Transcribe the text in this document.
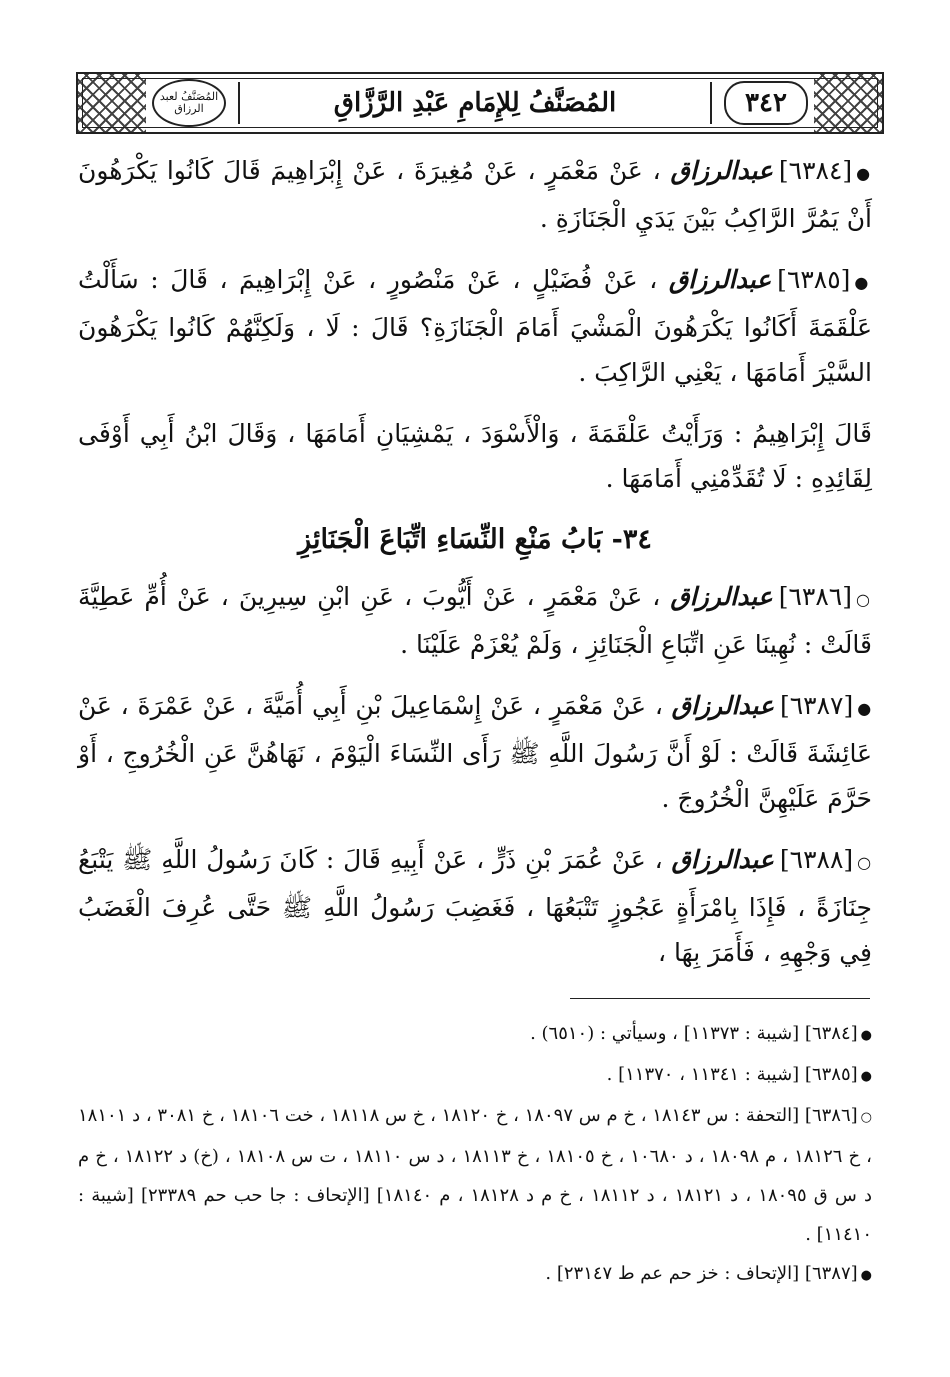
المُصَنَّفُ لعبد الرزاق	المُصَنَّفُ لِلإِمَامِ عَبْدِ الرَّزَّاقِ	٣٤٢

●[٦٣٨٤]عبدالرزاق ، عَنْ مَعْمَرٍ ، عَنْ مُغِيرَةَ ، عَنْ إِبْرَاهِيمَ قَالَ كَانُوا يَكْرَهُونَ أَنْ يَمُرَّ الرَّاكِبُ بَيْنَ يَدَيِ الْجَنَازَةِ .

●[٦٣٨٥]عبدالرزاق ، عَنْ فُضَيْلٍ ، عَنْ مَنْصُورٍ ، عَنْ إِبْرَاهِيمَ ، قَالَ : سَأَلْتُ عَلْقَمَةَ أَكَانُوا يَكْرَهُونَ الْمَشْيَ أَمَامَ الْجَنَازَةِ؟ قَالَ : لَا ، وَلَكِنَّهُمْ كَانُوا يَكْرَهُونَ السَّيْرَ أَمَامَهَا ، يَعْنِي الرَّاكِبَ .

قَالَ إِبْرَاهِيمُ : وَرَأَيْتُ عَلْقَمَةَ ، وَالْأَسْوَدَ ، يَمْشِيَانِ أَمَامَهَا ، وَقَالَ ابْنُ أَبِي أَوْفَى لِقَائِدِهِ : لَا تُقَدِّمْنِي أَمَامَهَا .

٣٤- بَابُ مَنْعِ النِّسَاءِ اتِّبَاعَ الْجَنَائِزِ

○[٦٣٨٦]عبدالرزاق ، عَنْ مَعْمَرٍ ، عَنْ أَيُّوبَ ، عَنِ ابْنِ سِيرِينَ ، عَنْ أُمِّ عَطِيَّةَ قَالَتْ : نُهِينَا عَنِ اتِّبَاعِ الْجَنَائِزِ ، وَلَمْ يُعْزَمْ عَلَيْنَا .

●[٦٣٨٧]عبدالرزاق ، عَنْ مَعْمَرٍ ، عَنْ إِسْمَاعِيلَ بْنِ أَبِي أُمَيَّةَ ، عَنْ عَمْرَةَ ، عَنْ عَائِشَةَ قَالَتْ : لَوْ أَنَّ رَسُولَ اللَّهِ ﷺ رَأَى النِّسَاءَ الْيَوْمَ ، نَهَاهُنَّ عَنِ الْخُرُوجِ ، أَوْ حَرَّمَ عَلَيْهِنَّ الْخُرُوجَ .

○[٦٣٨٨]عبدالرزاق ، عَنْ عُمَرَ بْنِ ذَرٍّ ، عَنْ أَبِيهِ قَالَ : كَانَ رَسُولُ اللَّهِ ﷺ يَتْبَعُ جِنَازَةً ، فَإِذَا بِامْرَأَةٍ عَجُوزٍ تَتْبَعُهَا ، فَغَضِبَ رَسُولُ اللَّهِ ﷺ حَتَّى عُرِفَ الْغَضَبُ فِي وَجْهِهِ ، فَأَمَرَ بِهَا ،

●[٦٣٨٤] [شيبة : ١١٣٧٣] ، وسيأتي : (٦٥١٠) .

●[٦٣٨٥] [شيبة : ١١٣٤١ ، ١١٣٧٠] .

○[٦٣٨٦] [التحفة : س ١٨١٤٣ ، خ م س ١٨٠٩٧ ، خ ١٨١٢٠ ، خ س ١٨١١٨ ، خت ١٨١٠٦ ، خ ٣٠٨١ ، د ١٨١٠١ ، خ ١٨١٢٦ ، م ١٨٠٩٨ ، د ١٠٦٨٠ ، خ ١٨١٠٥ ، خ ١٨١١٣ ، د س ١٨١١٠ ، ت س ١٨١٠٨ ، (خ) د ١٨١٢٢ ، خ م د س ق ١٨٠٩٥ ، د ١٨١٢١ ، د ١٨١١٢ ، خ م د ١٨١٢٨ ، م ١٨١٤٠] [الإتحاف : جا حب حم ٢٣٣٨٩] [شيبة : ١١٤١٠] .

●[٦٣٨٧] [الإتحاف : خز حم عم ط ٢٣١٤٧] .
